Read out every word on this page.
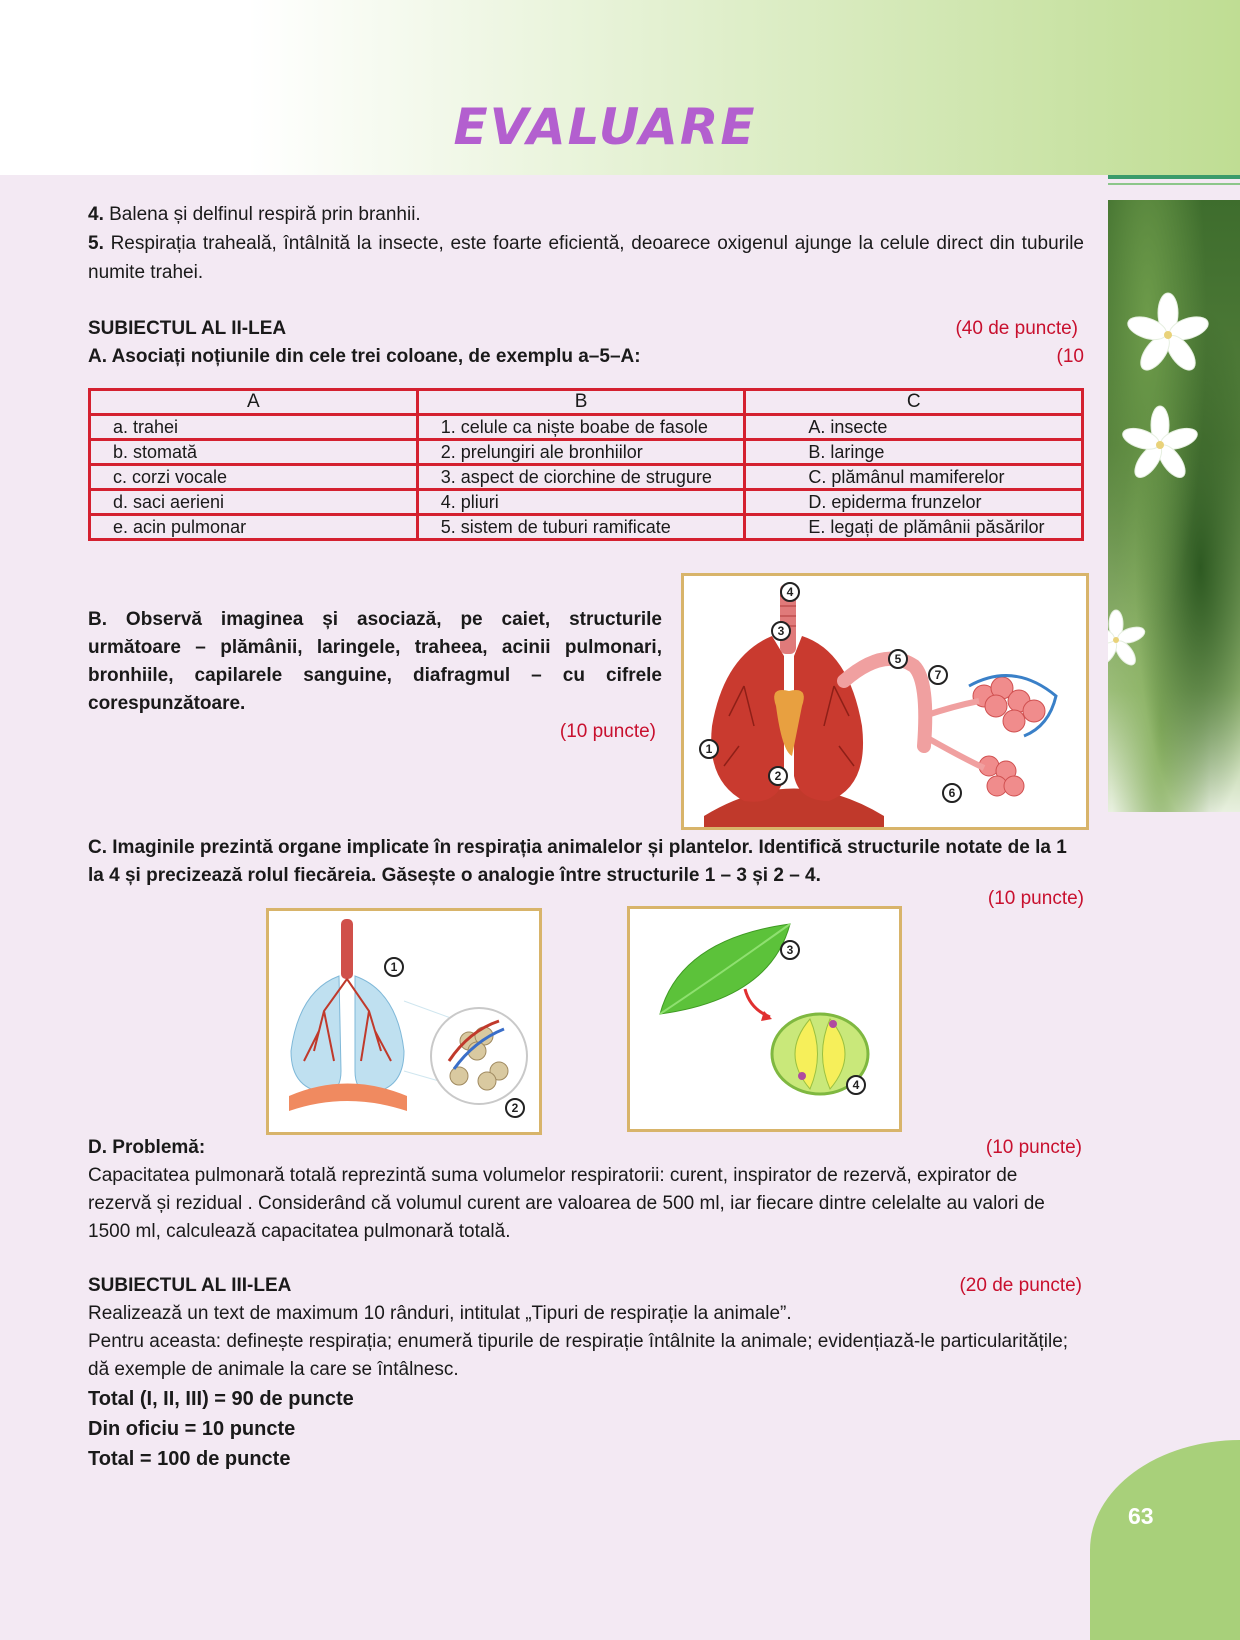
EVALUARE
4. Balena și delfinul respiră prin branhii.
5. Respirația traheală, întâlnită la insecte, este foarte eficientă, deoarece oxigenul ajunge la celule direct din tuburile numite trahei.
SUBIECTUL AL II-LEA	(40 de puncte)
A. Asociați noțiunile din cele trei coloane, de exemplu a–5–A:	(10
A	B	C
a. trahei	1. celule ca niște boabe de fasole	A. insecte
b. stomată	2. prelungiri ale bronhiilor	B. laringe
c. corzi vocale	3. aspect de ciorchine de strugure	C. plămânul mamiferelor
d. saci aerieni	4. pliuri	D. epiderma frunzelor
e. acin pulmonar	5. sistem de tuburi ramificate	E. legați de plămânii păsărilor
B. Observă imaginea și asociază, pe caiet, structurile următoare – plămânii, laringele, traheea, acinii pulmonari, bronhiile, capilarele sanguine, diafragmul – cu cifrele corespunzătoare.
(10 puncte)
4
3
5
7
1
2
6
C. Imaginile prezintă organe implicate în respirația animalelor și plantelor. Identifică structurile notate de la 1 la 4 și precizează rolul fiecăreia. Găsește o analogie între structurile 1 – 3 și 2 – 4.
(10 puncte)
1
2
3
4
D. Problemă:	(10 puncte)
Capacitatea pulmonară totală reprezintă suma volumelor respiratorii: curent, inspirator de rezervă, expirator de rezervă și rezidual . Considerând că volumul curent are valoarea de 500 ml, iar fiecare dintre celelalte au valori de 1500 ml, calculează capacitatea pulmonară totală.
SUBIECTUL AL III-LEA	(20 de puncte)
Realizează un text de maximum 10 rânduri, intitulat „Tipuri de respirație la animale”.
Pentru aceasta: definește respirația; enumeră tipurile de respirație întâlnite la animale; evidențiază-le particularitățile; dă exemple de animale la care se întâlnesc.
Total (I, II, III) = 90 de puncte
Din oficiu = 10 puncte
Total = 100 de puncte
63
